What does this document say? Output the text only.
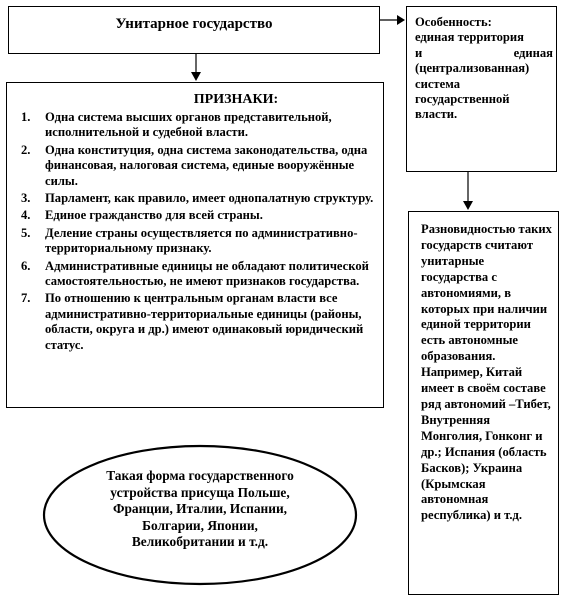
Унитарное государство
ПРИЗНАКИ:
1. Одна система высших органов представительной, исполнительной и судебной власти.
2. Одна конституция, одна система законодательства, одна финансовая, налоговая система, единые вооружённые силы.
3. Парламент, как правило, имеет однопалатную структуру.
4. Единое гражданство для всей страны.
5. Деление страны осуществляется по административно-территориальному признаку.
6. Административные единицы не обладают политической самостоятельностью, не имеют признаков государства.
7. По отношению к центральным органам власти все административно-территориальные единицы (районы, области, округа и др.) имеют одинаковый юридический статус.
Особенность:
единая территория
и	единая
(централизованная)
система
государственной
власти.
Разновидностью таких государств считают унитарные государства с автономиями, в которых при наличии единой территории есть автономные образования. Например, Китай имеет в своём составе ряд автономий –Тибет, Внутренняя Монголия, Гонконг и др.; Испания (область Басков); Украина (Крымская автономная республика) и т.д.
Такая форма государственного устройства присуща Польше, Франции, Италии, Испании, Болгарии, Японии, Великобритании и т.д.
